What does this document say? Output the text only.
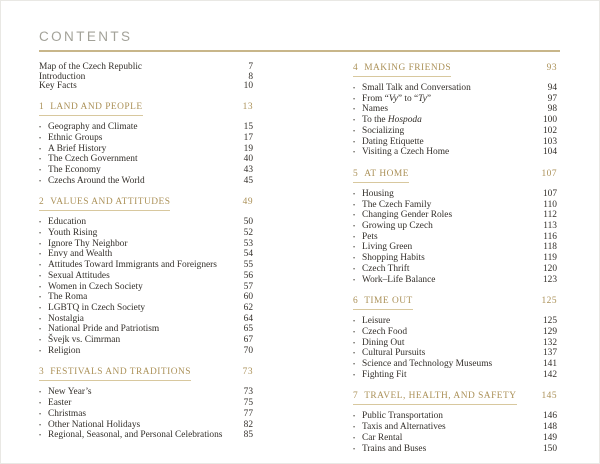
CONTENTS
Map of the Czech Republic	7
Introduction	8
Key Facts	10
1 LAND AND PEOPLE	13
• Geography and Climate	15
• Ethnic Groups	17
• A Brief History	19
• The Czech Government	40
• The Economy	43
• Czechs Around the World	45
2 VALUES AND ATTITUDES	49
• Education	50
• Youth Rising	52
• Ignore Thy Neighbor	53
• Envy and Wealth	54
• Attitudes Toward Immigrants and Foreigners	55
• Sexual Attitudes	56
• Women in Czech Society	57
• The Roma	60
• LGBTQ in Czech Society	62
• Nostalgia	64
• National Pride and Patriotism	65
• Švejk vs. Cimrman	67
• Religion	70
3 FESTIVALS AND TRADITIONS	73
• New Year’s	73
• Easter	75
• Christmas	77
• Other National Holidays	82
• Regional, Seasonal, and Personal Celebrations	85
4 MAKING FRIENDS	93
• Small Talk and Conversation	94
• From “Vy” to “Ty”	97
• Names	98
• To the Hospoda	100
• Socializing	102
• Dating Etiquette	103
• Visiting a Czech Home	104
5 AT HOME	107
• Housing	107
• The Czech Family	110
• Changing Gender Roles	112
• Growing up Czech	113
• Pets	116
• Living Green	118
• Shopping Habits	119
• Czech Thrift	120
• Work–Life Balance	123
6 TIME OUT	125
• Leisure	125
• Czech Food	129
• Dining Out	132
• Cultural Pursuits	137
• Science and Technology Museums	141
• Fighting Fit	142
7 TRAVEL, HEALTH, AND SAFETY	145
• Public Transportation	146
• Taxis and Alternatives	148
• Car Rental	149
• Trains and Buses	150
